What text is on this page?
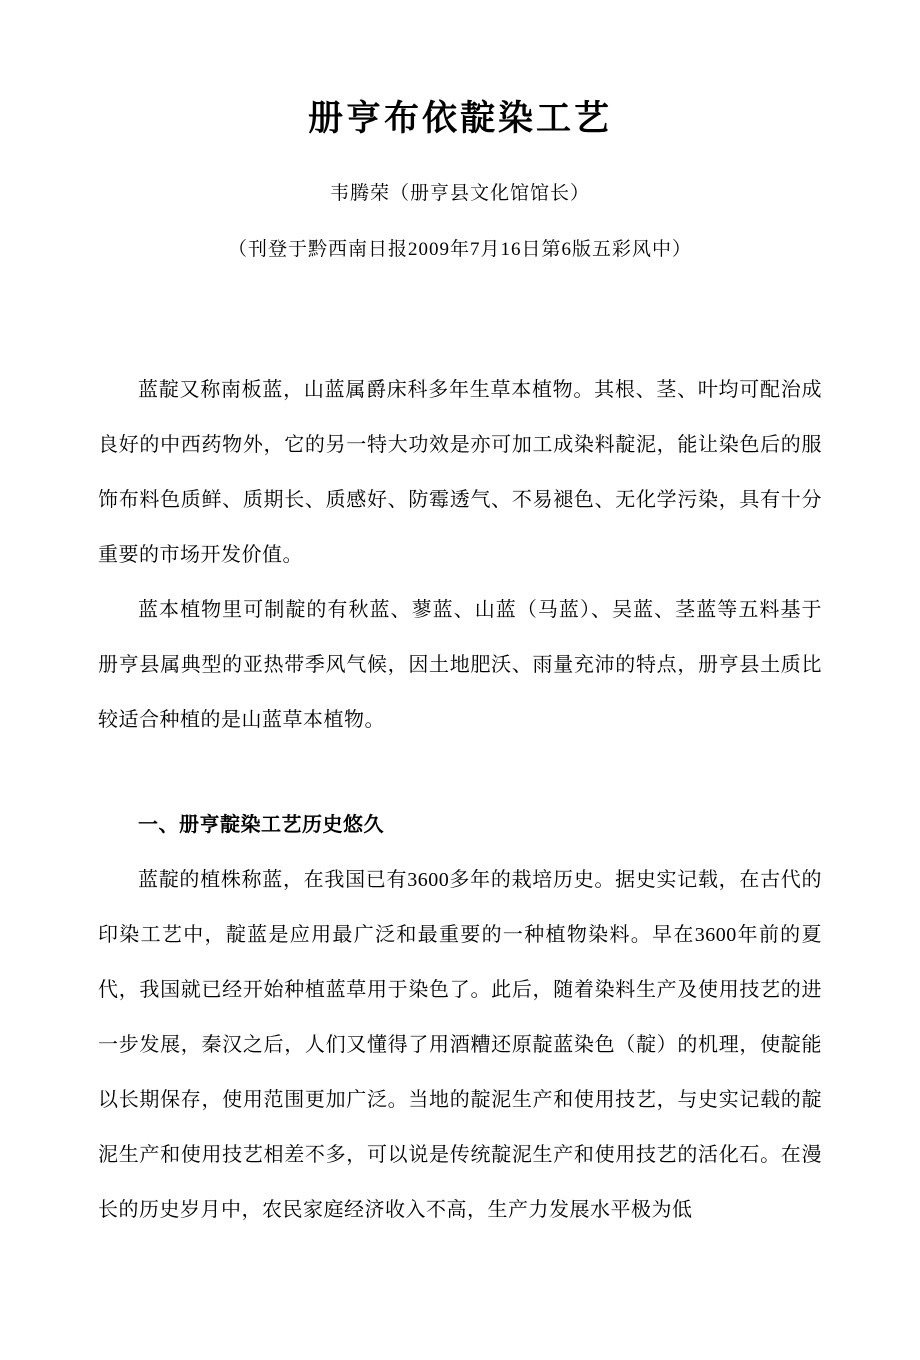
册亨布依靛染工艺

韦腾荣（册亨县文化馆馆长）

（刊登于黔西南日报2009年7月16日第6版五彩风中）

蓝靛又称南板蓝，山蓝属爵床科多年生草本植物。其根、茎、叶均可配治成良好的中西药物外，它的另一特大功效是亦可加工成染料靛泥，能让染色后的服饰布料色质鲜、质期长、质感好、防霉透气、不易褪色、无化学污染，具有十分重要的市场开发价值。

蓝本植物里可制靛的有秋蓝、蓼蓝、山蓝（马蓝）、吴蓝、茎蓝等五料基于册亨县属典型的亚热带季风气候，因土地肥沃、雨量充沛的特点，册亨县土质比较适合种植的是山蓝草本植物。

一、册亨靛染工艺历史悠久

蓝靛的植株称蓝，在我国已有3600多年的栽培历史。据史实记载，在古代的印染工艺中，靛蓝是应用最广泛和最重要的一种植物染料。早在3600年前的夏代，我国就已经开始种植蓝草用于染色了。此后，随着染料生产及使用技艺的进一步发展，秦汉之后，人们又懂得了用酒糟还原靛蓝染色（靛）的机理，使靛能以长期保存，使用范围更加广泛。当地的靛泥生产和使用技艺，与史实记载的靛泥生产和使用技艺相差不多，可以说是传统靛泥生产和使用技艺的活化石。在漫长的历史岁月中，农民家庭经济收入不高，生产力发展水平极为低
